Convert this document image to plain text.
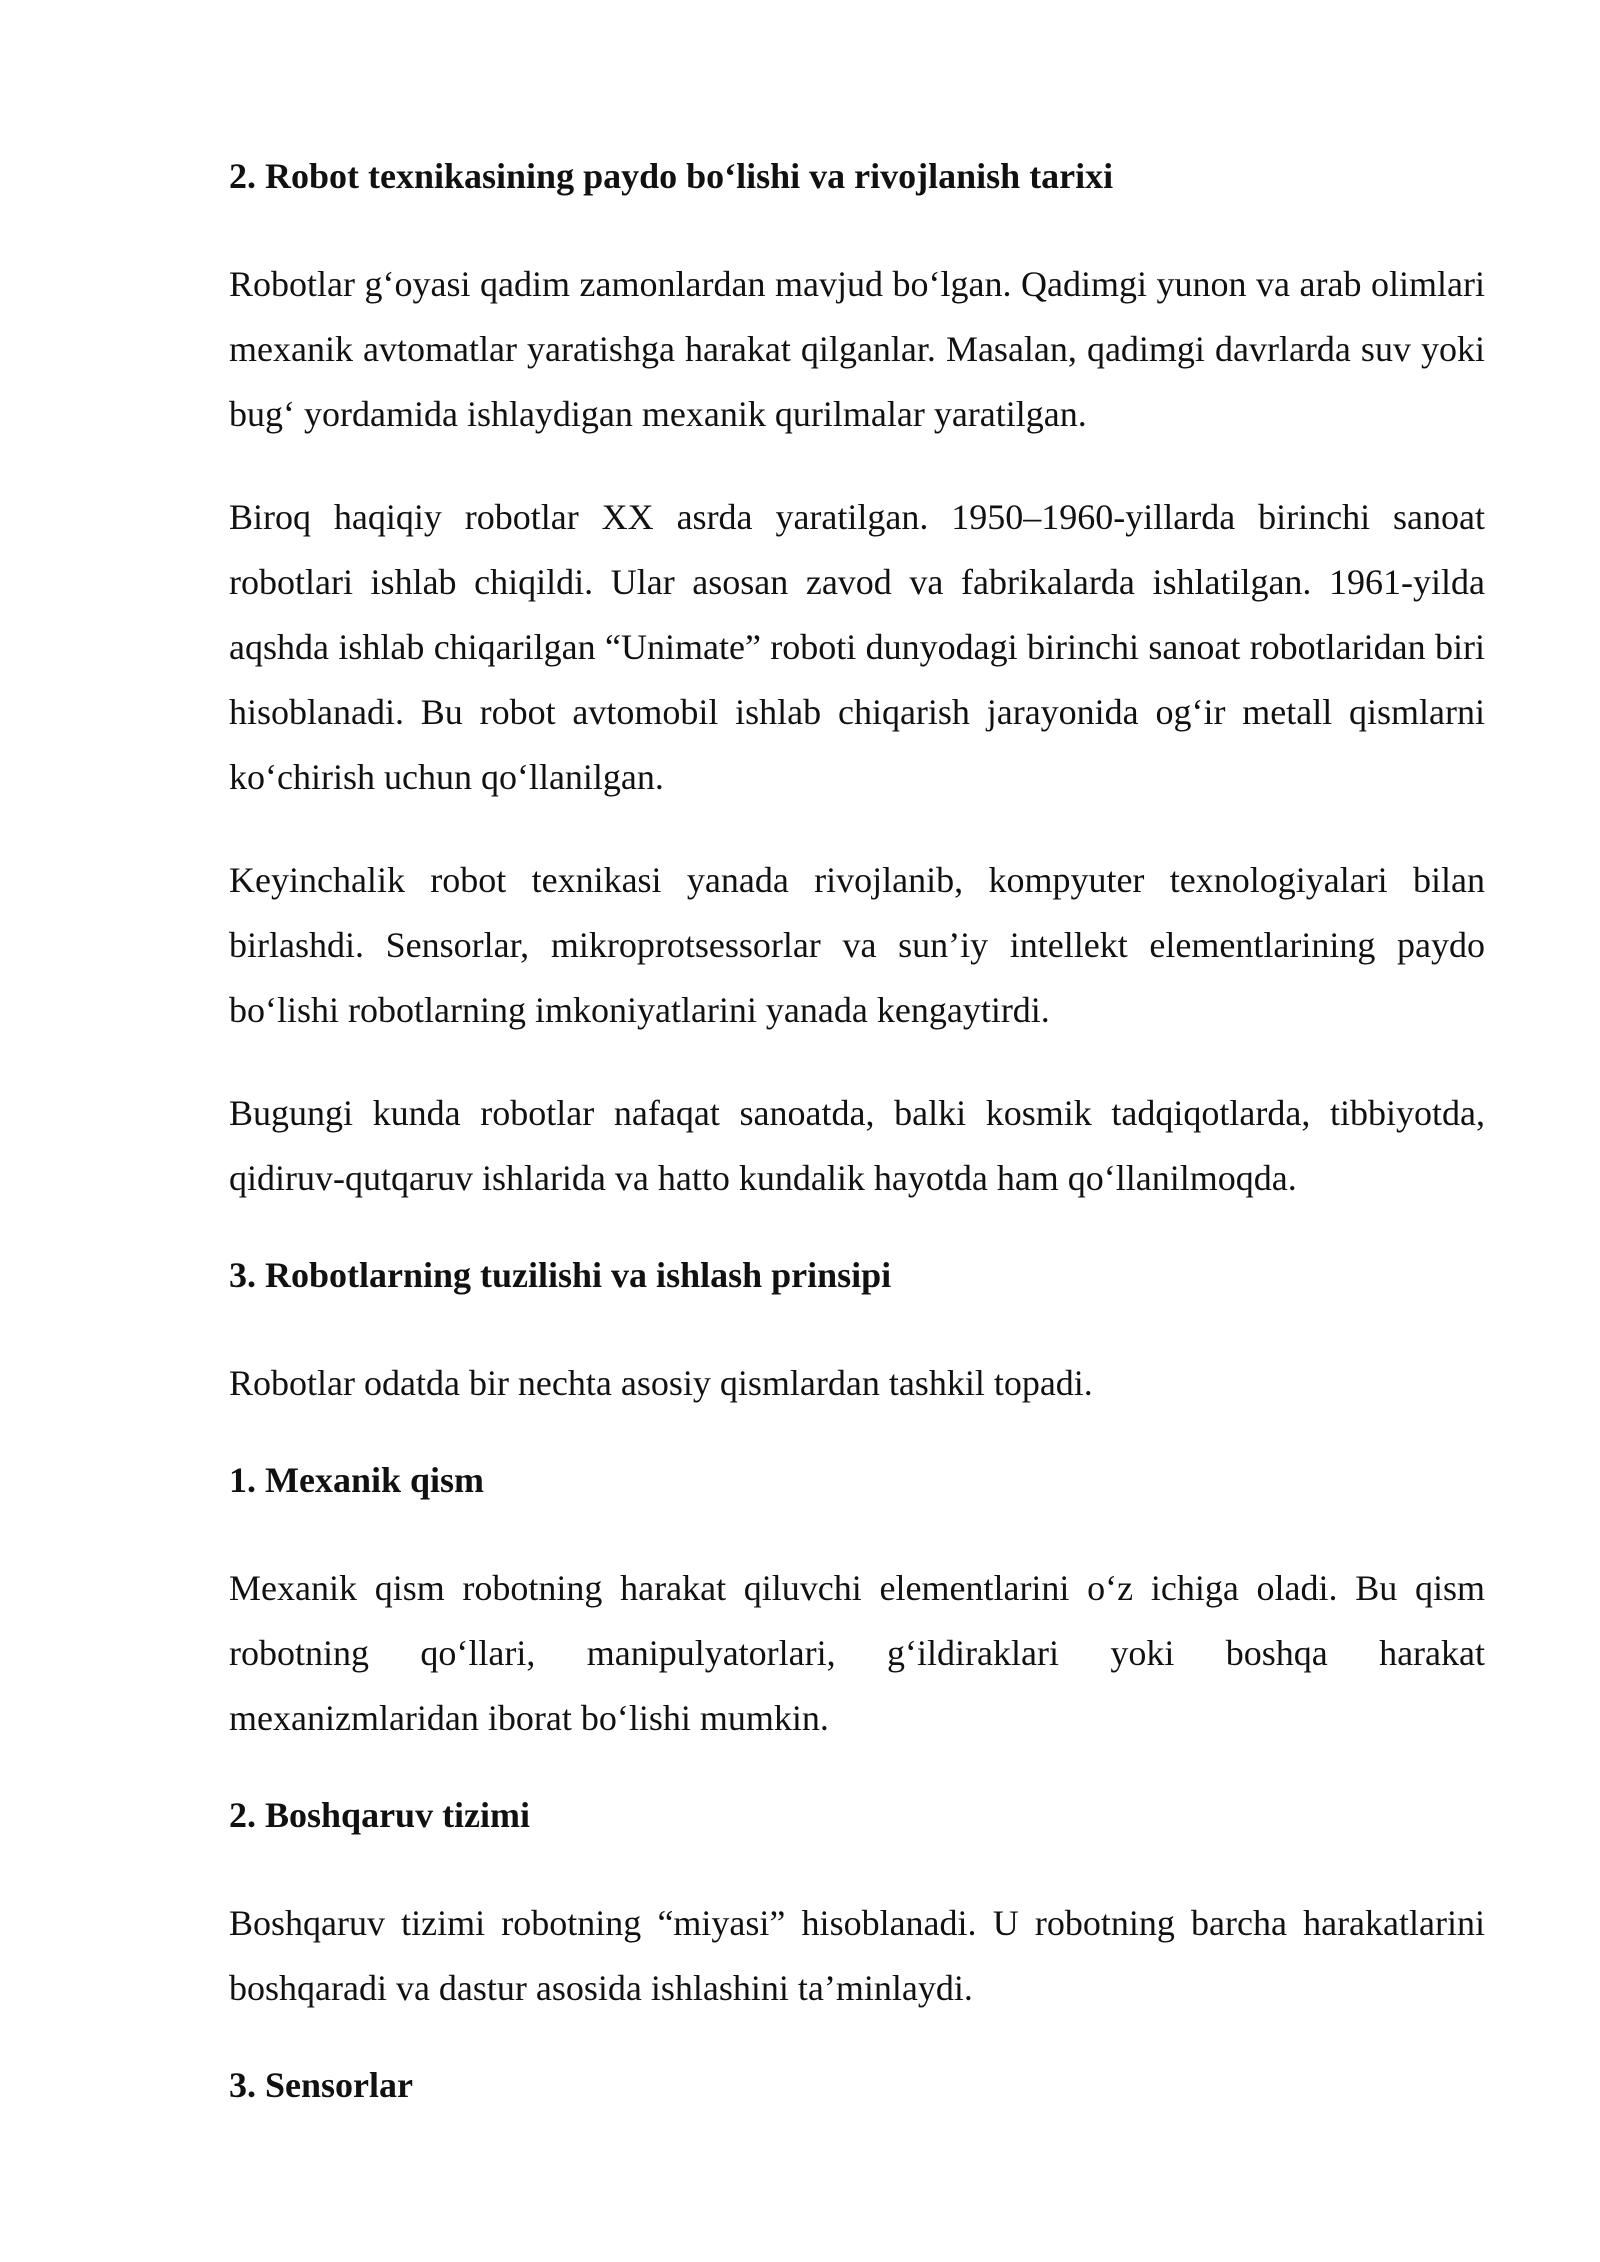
2. Robot texnikasining paydo bo‘lishi va rivojlanish tarixi
Robotlar g‘oyasi qadim zamonlardan mavjud bo‘lgan. Qadimgi yunon va arab olimlari mexanik avtomatlar yaratishga harakat qilganlar. Masalan, qadimgi davrlarda suv yoki bug‘ yordamida ishlaydigan mexanik qurilmalar yaratilgan.
Biroq haqiqiy robotlar XX asrda yaratilgan. 1950–1960-yillarda birinchi sanoat robotlari ishlab chiqildi. Ular asosan zavod va fabrikalarda ishlatilgan. 1961-yilda aqshda ishlab chiqarilgan “Unimate” roboti dunyodagi birinchi sanoat robotlaridan biri hisoblanadi. Bu robot avtomobil ishlab chiqarish jarayonida og‘ir metall qismlarni ko‘chirish uchun qo‘llanilgan.
Keyinchalik robot texnikasi yanada rivojlanib, kompyuter texnologiyalari bilan birlashdi. Sensorlar, mikroprotsessorlar va sun’iy intellekt elementlarining paydo bo‘lishi robotlarning imkoniyatlarini yanada kengaytirdi.
Bugungi kunda robotlar nafaqat sanoatda, balki kosmik tadqiqotlarda, tibbiyotda, qidiruv-qutqaruv ishlarida va hatto kundalik hayotda ham qo‘llanilmoqda.
3. Robotlarning tuzilishi va ishlash prinsipi
Robotlar odatda bir nechta asosiy qismlardan tashkil topadi.
1. Mexanik qism
Mexanik qism robotning harakat qiluvchi elementlarini o‘z ichiga oladi. Bu qism robotning qo‘llari, manipulyatorlari, g‘ildiraklari yoki boshqa harakat mexanizmlaridan iborat bo‘lishi mumkin.
2. Boshqaruv tizimi
Boshqaruv tizimi robotning “miyasi” hisoblanadi. U robotning barcha harakatlarini boshqaradi va dastur asosida ishlashini ta’minlaydi.
3. Sensorlar
